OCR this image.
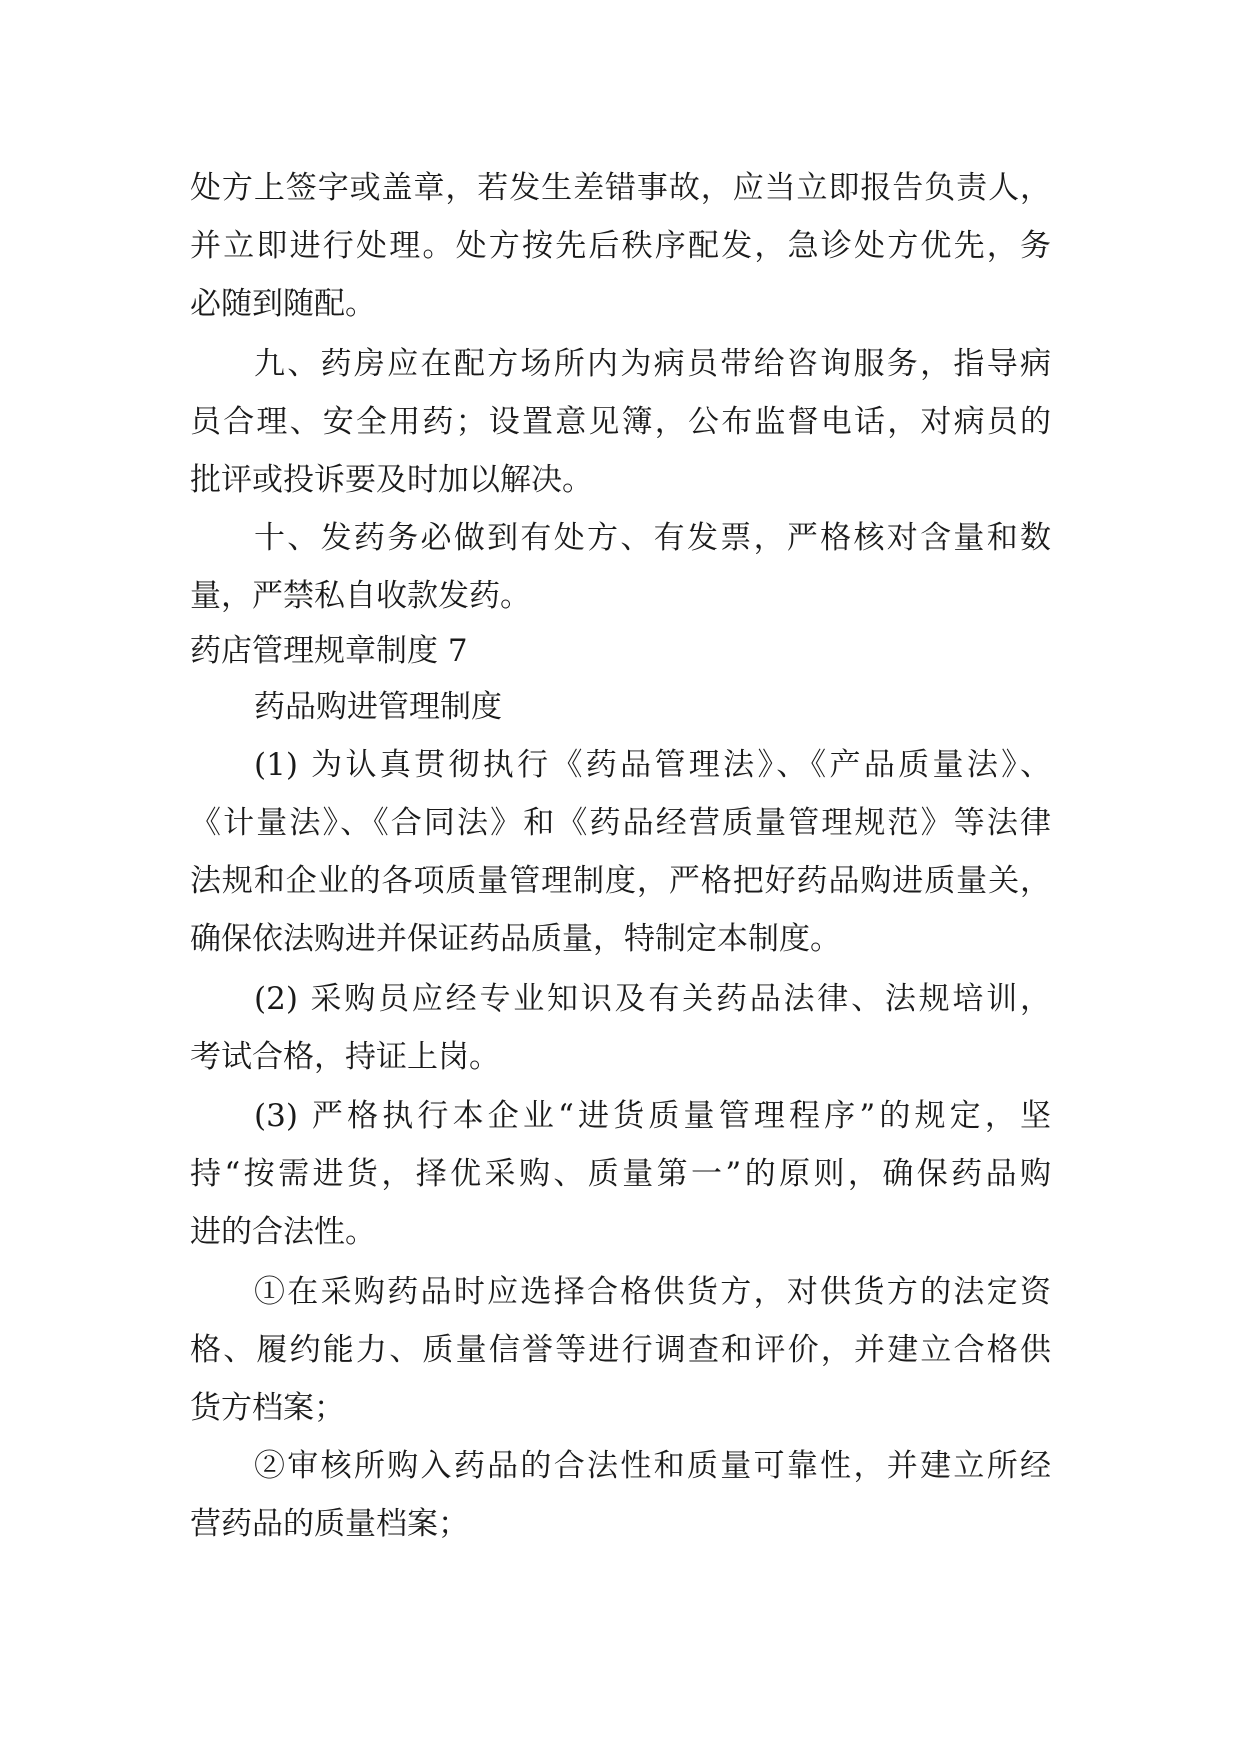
处方上签字或盖章，若发生差错事故，应当立即报告负责人，
并立即进行处理。处方按先后秩序配发，急诊处方优先，务
必随到随配。
九、药房应在配方场所内为病员带给咨询服务，指导病
员合理、安全用药；设置意见簿，公布监督电话，对病员的
批评或投诉要及时加以解决。
十、发药务必做到有处方、有发票，严格核对含量和数
量，严禁私自收款发药。
药店管理规章制度 7
药品购进管理制度
(1) 为认真贯彻执行《药品管理法》、《产品质量法》、
《计量法》、《合同法》和《药品经营质量管理规范》等法律
法规和企业的各项质量管理制度，严格把好药品购进质量关，
确保依法购进并保证药品质量，特制定本制度。
(2) 采购员应经专业知识及有关药品法律、法规培训，
考试合格，持证上岗。
(3) 严格执行本企业“进货质量管理程序”的规定，坚
持“按需进货，择优采购、质量第一”的原则，确保药品购
进的合法性。
①在采购药品时应选择合格供货方，对供货方的法定资
格、履约能力、质量信誉等进行调查和评价，并建立合格供
货方档案；
②审核所购入药品的合法性和质量可靠性，并建立所经
营药品的质量档案；
